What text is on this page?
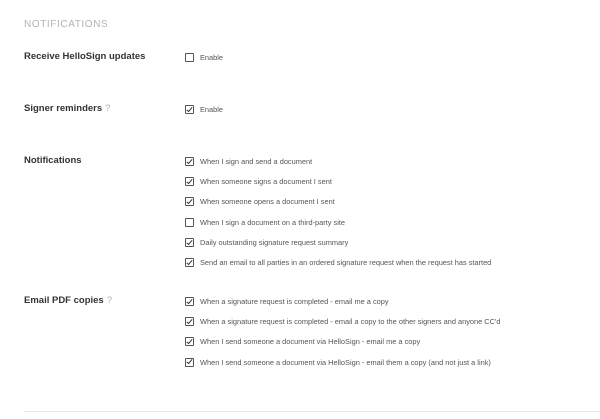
NOTIFICATIONS
Receive HelloSign updates	Enable
Signer reminders ?	Enable
Notifications	When I sign and send a document
When someone signs a document I sent
When someone opens a document I sent
When I sign a document on a third-party site
Daily outstanding signature request summary
Send an email to all parties in an ordered signature request when the request has started
Email PDF copies ?	When a signature request is completed - email me a copy
When a signature request is completed - email a copy to the other signers and anyone CC'd
When I send someone a document via HelloSign - email me a copy
When I send someone a document via HelloSign - email them a copy (and not just a link)
